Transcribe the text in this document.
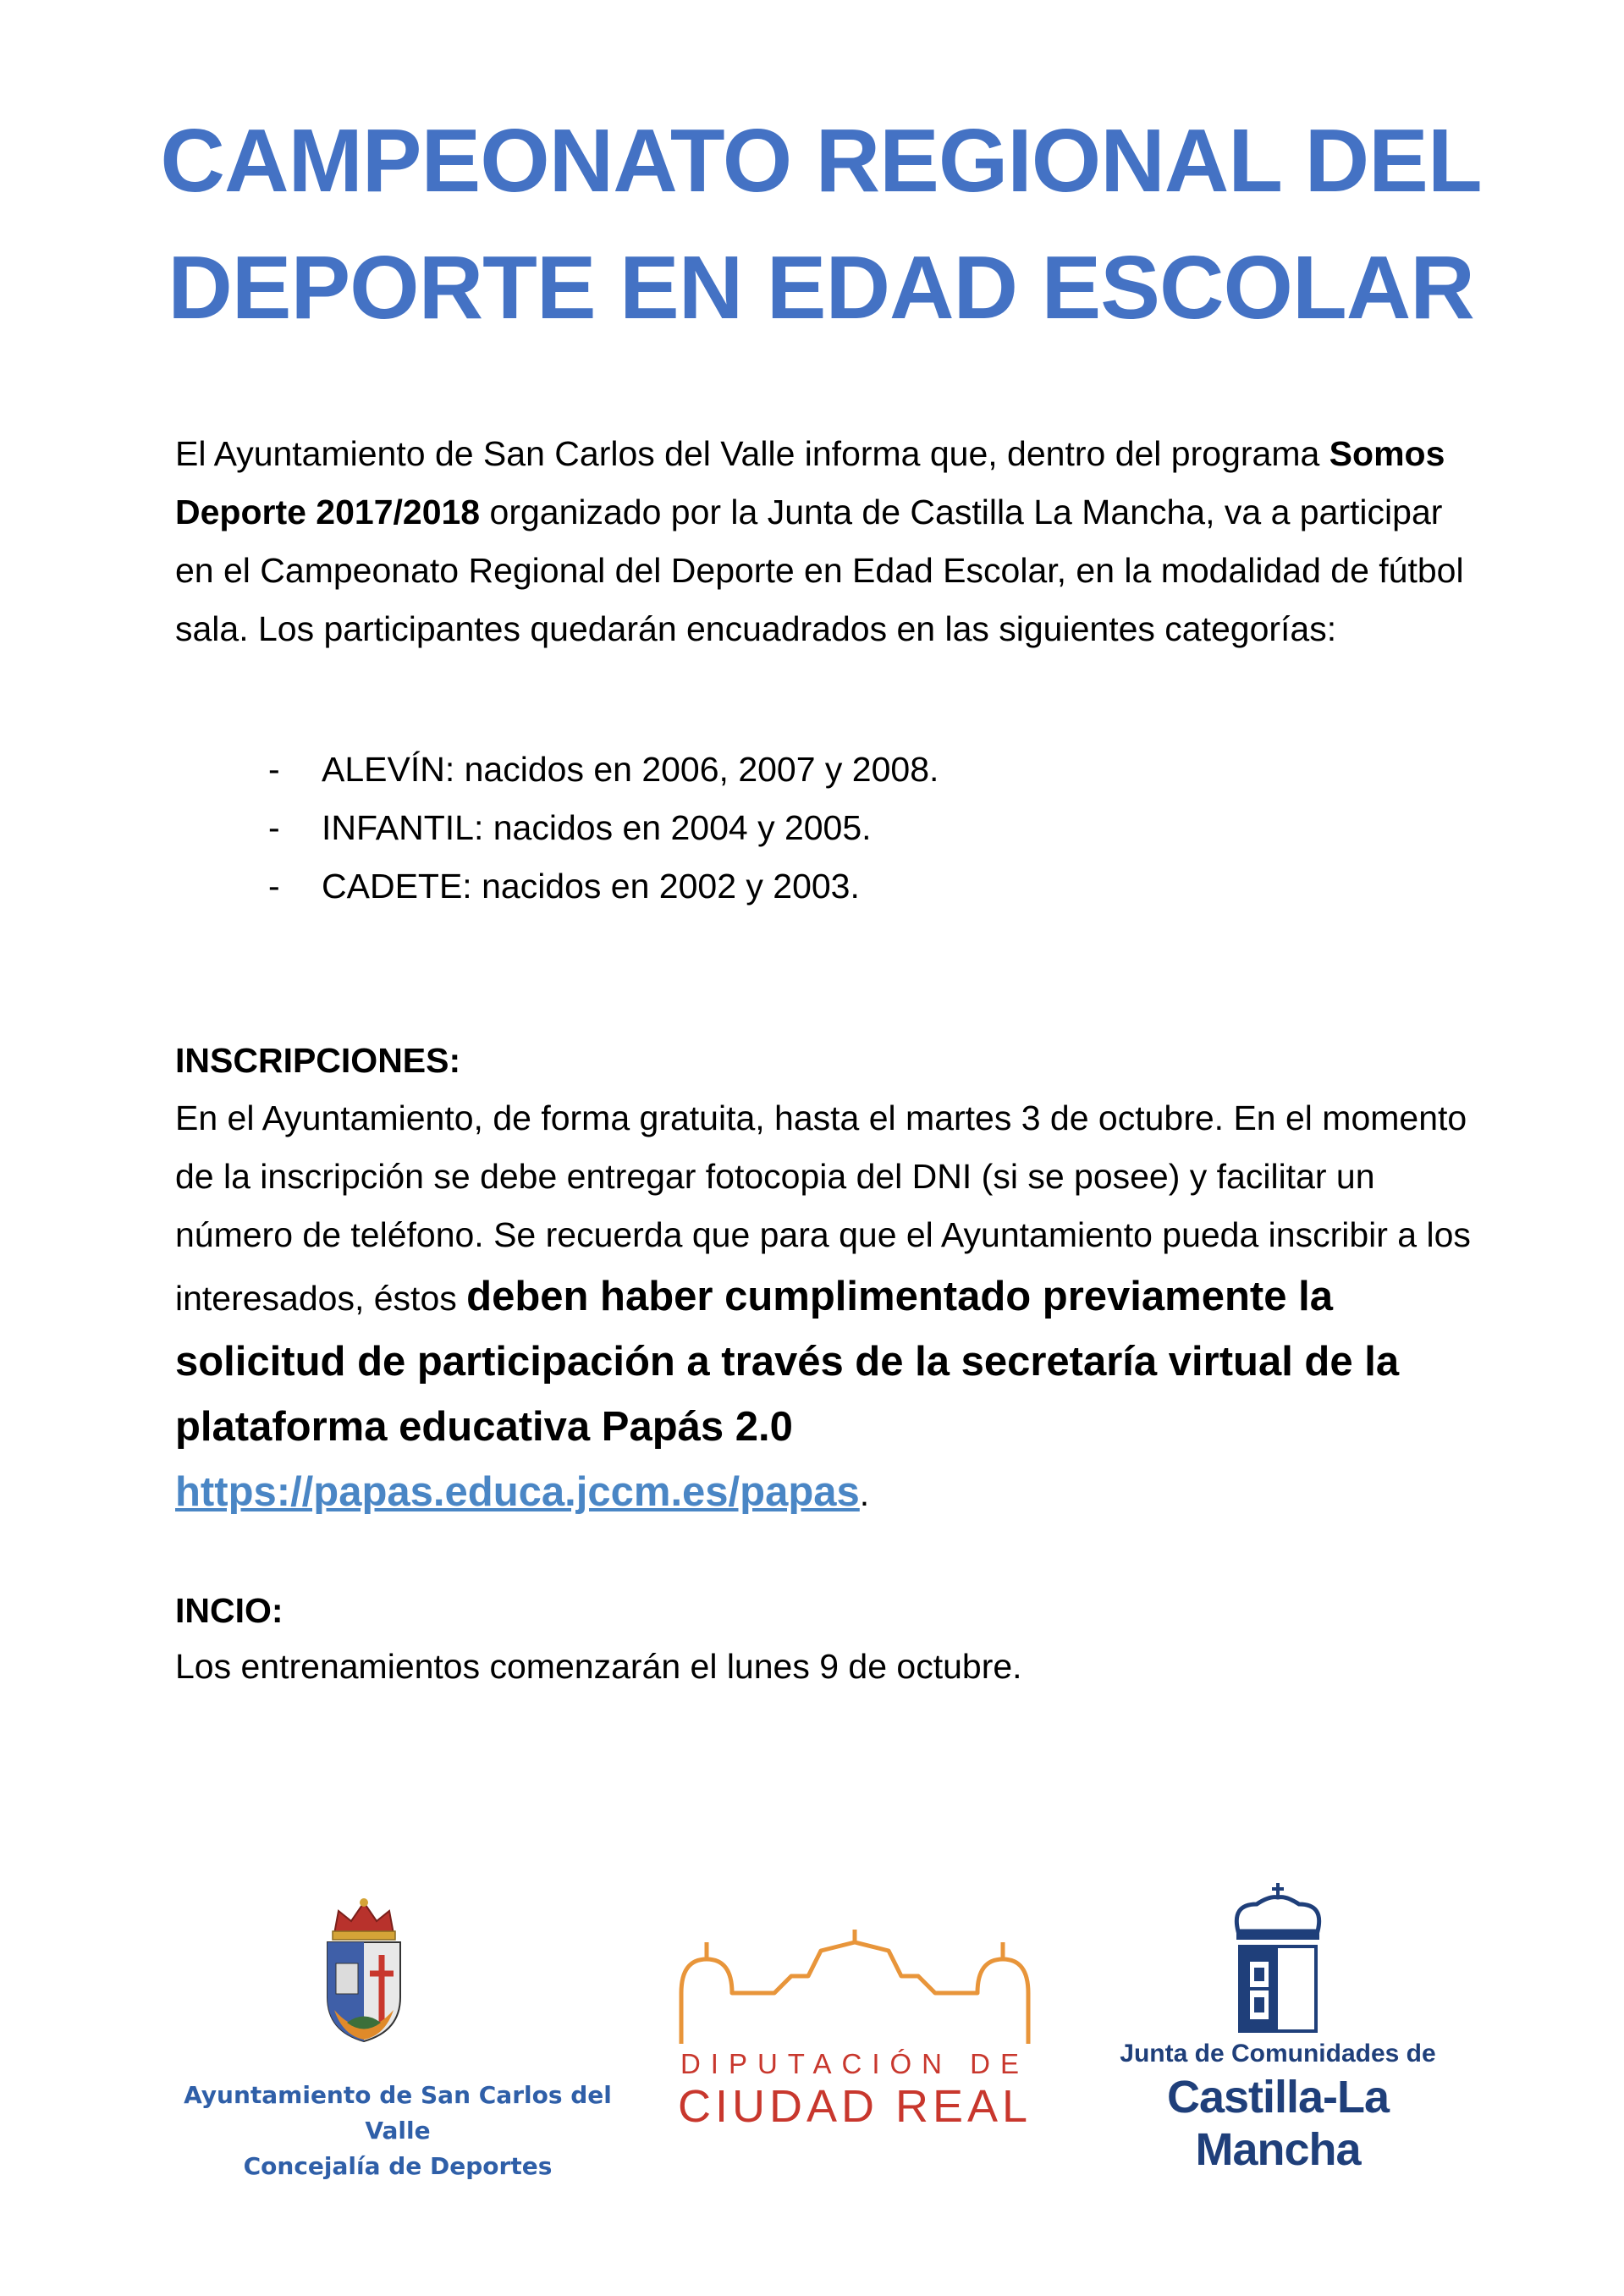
CAMPEONATO REGIONAL DEL
DEPORTE EN EDAD ESCOLAR

El Ayuntamiento de San Carlos del Valle informa que, dentro del programa Somos Deporte 2017/2018 organizado por la Junta de Castilla La Mancha, va a participar en el Campeonato Regional del Deporte en Edad Escolar, en la modalidad de fútbol sala. Los participantes quedarán encuadrados en las siguientes categorías:

- ALEVÍN: nacidos en 2006, 2007 y 2008.
- INFANTIL: nacidos en 2004 y 2005.
- CADETE: nacidos en 2002 y 2003.

INSCRIPCIONES:

En el Ayuntamiento, de forma gratuita, hasta el martes 3 de octubre. En el momento de la inscripción se debe entregar fotocopia del DNI (si se posee) y facilitar un número de teléfono. Se recuerda que para que el Ayuntamiento pueda inscribir a los interesados, éstos deben haber cumplimentado previamente la solicitud de participación a través de la secretaría virtual de la plataforma educativa Papás 2.0 https://papas.educa.jccm.es/papas.

INCIO:

Los entrenamientos comenzarán el lunes 9 de octubre.

Ayuntamiento de San Carlos del Valle
Concejalía de Deportes
DIPUTACIÓN DE
CIUDAD REAL
Junta de Comunidades de
Castilla-La Mancha
